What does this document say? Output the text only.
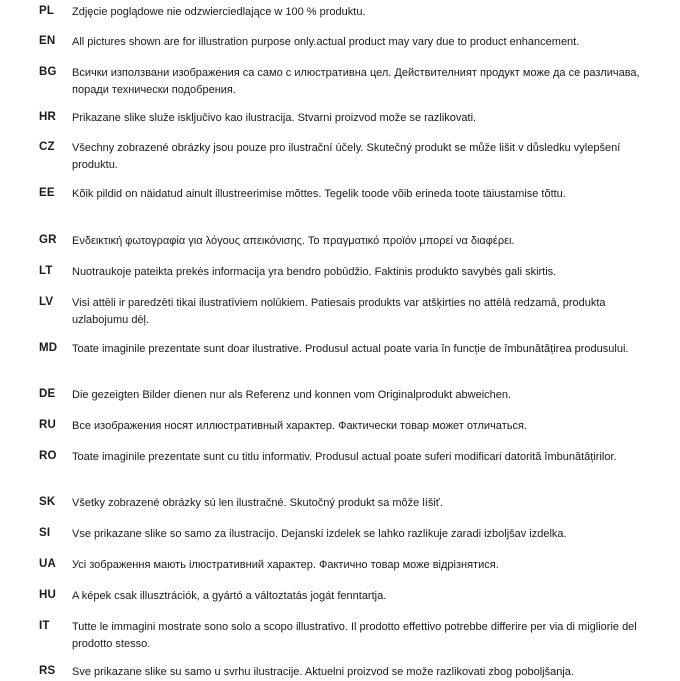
PL Zdjęcie poglądowe nie odzwierciedlające w 100 % produktu.
EN All pictures shown are for illustration purpose only.actual product may vary due to product enhancement.
BG Всички използвани изображения са само с илюстративна цел. Действителният продукт може да се различава, поради технически подобрения.
HR Prikazane slike služe isključivo kao ilustracija. Stvarni proizvod može se razlikovati.
CZ Všechny zobrazené obrázky jsou pouze pro ilustrační účely. Skutečný produkt se může lišit v důsledku vylepšení produktu.
EE Kõik pildid on näidatud ainult illustreerimise mõttes. Tegelik toode võib erineda toote täiustamise tõttu.
GR Ενδεικτική φωτογραφία για λόγους απεικόνισης. Το πραγματικό προϊόν μπορεί να διαφέρει.
LT Nuotraukoje pateikta prekės informacija yra bendro pobūdžio. Faktinis produkto savybės gali skirtis.
LV Visi attēli ir paredzēti tikai ilustratīviem nolūkiem. Patiesais produkts var atšķirties no attēlā redzamā, produkta uzlabojumu dēļ.
MD Toate imaginile prezentate sunt doar ilustrative. Produsul actual poate varia în funcție de îmbunătățirea produsului.
DE Die gezeigten Bilder dienen nur als Referenz und konnen vom Originalprodukt abweichen.
RU Все изображения носят иллюстративный характер. Фактически товар может отличаться.
RO Toate imaginile prezentate sunt cu titlu informativ. Produsul actual poate suferi modificari datorită îmbunătățirilor.
SK Všetky zobrazené obrázky sú len ilustračné. Skutočný produkt sa môže líšiť.
SI Vse prikazane slike so samo za ilustracijo. Dejanski izdelek se lahko razlikuje zaradi izboljšav izdelka.
UA Усі зображення мають ілюстративний характер. Фактично товар може відрізнятися.
HU A képek csak illusztrációk, a gyártó a változtatás jogát fenntartja.
IT Tutte le immagini mostrate sono solo a scopo illustrativo. Il prodotto effettivo potrebbe differire per via di migliorie del prodotto stesso.
RS Sve prikazane slike su samo u svrhu ilustracije. Aktuelni proizvod se može razlikovati zbog poboljšanja.
